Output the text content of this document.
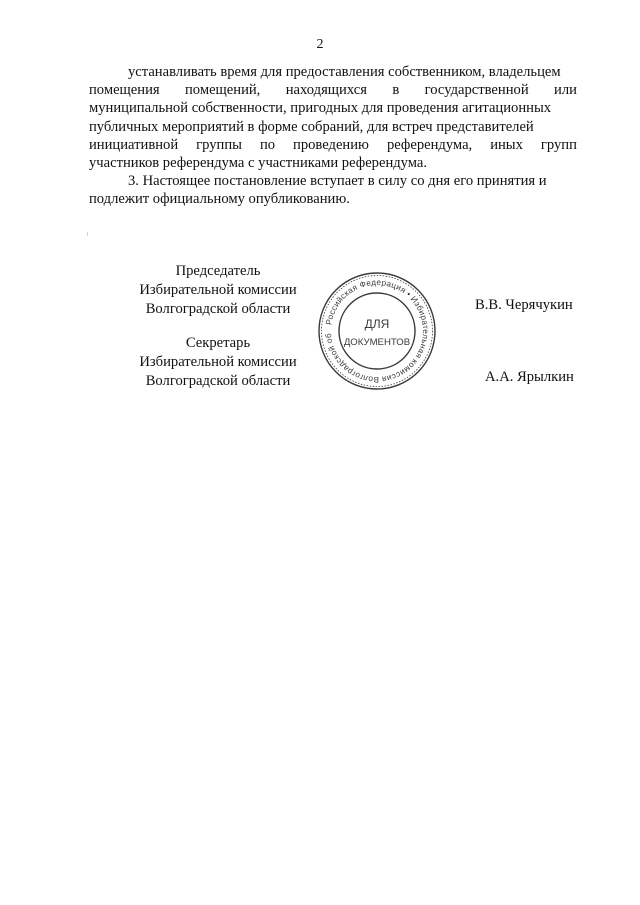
2
устанавливать время для предоставления собственником, владельцем
помещения помещений, находящихся в государственной или
муниципальной собственности, пригодных для проведения агитационных
публичных мероприятий в форме собраний, для встреч представителей
инициативной группы по проведению референдума, иных групп
участников референдума с участниками референдума.
3. Настоящее постановление вступает в силу со дня его принятия и
подлежит официальному опубликованию.
Председатель
Избирательной комиссии
Волгоградской области	В.В. Черячукин
Секретарь
Избирательной комиссии
Волгоградской области	А.А. Ярылкин
Российская Федерация • Избирательная комиссия Волгоградской об
ДЛЯ
ДОКУМЕНТОВ
